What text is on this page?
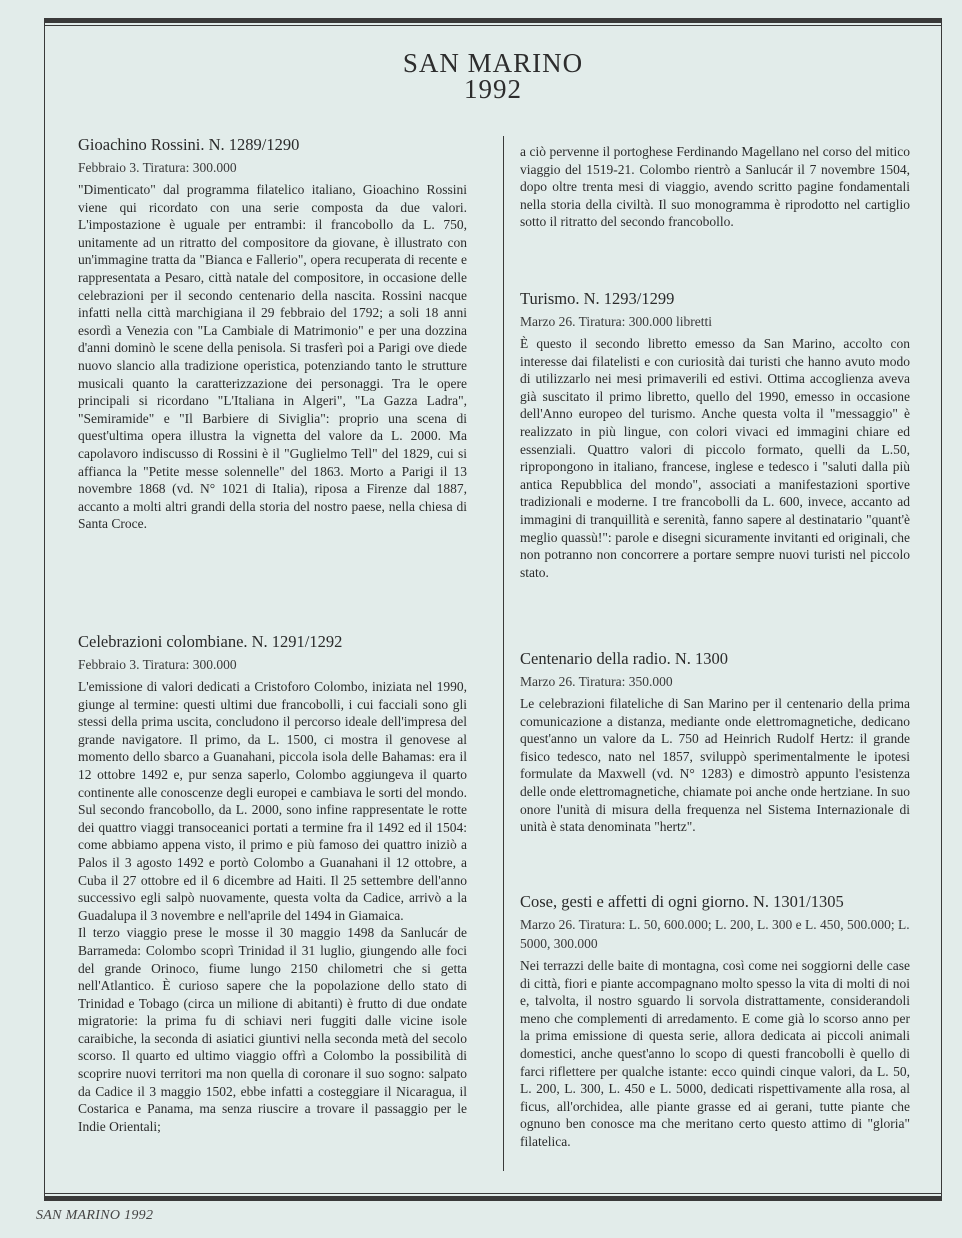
SAN MARINO
1992
Gioachino Rossini. N. 1289/1290
Febbraio 3. Tiratura: 300.000

"Dimenticato" dal programma filatelico italiano, Gioachino Rossini viene qui ricordato con una serie composta da due valori. L'impostazione è uguale per entrambi: il francobollo da L. 750, unitamente ad un ritratto del compositore da giovane, è illustrato con un'immagine tratta da "Bianca e Fallerio", opera recuperata di recente e rappresentata a Pesaro, città natale del compositore, in occasione delle celebrazioni per il secondo centenario della nascita. Rossini nacque infatti nella città marchigiana il 29 febbraio del 1792; a soli 18 anni esordì a Venezia con "La Cambiale di Matrimonio" e per una dozzina d'anni dominò le scene della penisola. Si trasferì poi a Parigi ove diede nuovo slancio alla tradizione operistica, potenziando tanto le strutture musicali quanto la caratterizzazione dei personaggi. Tra le opere principali si ricordano "L'Italiana in Algeri", "La Gazza Ladra", "Semiramide" e "Il Barbiere di Siviglia": proprio una scena di quest'ultima opera illustra la vignetta del valore da L. 2000. Ma capolavoro indiscusso di Rossini è il "Guglielmo Tell" del 1829, cui si affianca la "Petite messe solennelle" del 1863. Morto a Parigi il 13 novembre 1868 (vd. N° 1021 di Italia), riposa a Firenze dal 1887, accanto a molti altri grandi della storia del nostro paese, nella chiesa di Santa Croce.

Celebrazioni colombiane. N. 1291/1292
Febbraio 3. Tiratura: 300.000

L'emissione di valori dedicati a Cristoforo Colombo, iniziata nel 1990, giunge al termine: questi ultimi due francobolli, i cui facciali sono gli stessi della prima uscita, concludono il percorso ideale dell'impresa del grande navigatore. Il primo, da L. 1500, ci mostra il genovese al momento dello sbarco a Guanahani, piccola isola delle Bahamas: era il 12 ottobre 1492 e, pur senza saperlo, Colombo aggiungeva il quarto continente alle conoscenze degli europei e cambiava le sorti del mondo. Sul secondo francobollo, da L. 2000, sono infine rappresentate le rotte dei quattro viaggi transoceanici portati a termine fra il 1492 ed il 1504: come abbiamo appena visto, il primo e più famoso dei quattro iniziò a Palos il 3 agosto 1492 e portò Colombo a Guanahani il 12 ottobre, a Cuba il 27 ottobre ed il 6 dicembre ad Haiti. Il 25 settembre dell'anno successivo egli salpò nuovamente, questa volta da Cadice, arrivò a la Guadalupa il 3 novembre e nell'aprile del 1494 in Giamaica.

Il terzo viaggio prese le mosse il 30 maggio 1498 da Sanlucár de Barrameda: Colombo scoprì Trinidad il 31 luglio, giungendo alle foci del grande Orinoco, fiume lungo 2150 chilometri che si getta nell'Atlantico. È curioso sapere che la popolazione dello stato di Trinidad e Tobago (circa un milione di abitanti) è frutto di due ondate migratorie: la prima fu di schiavi neri fuggiti dalle vicine isole caraibiche, la seconda di asiatici giuntivi nella seconda metà del secolo scorso. Il quarto ed ultimo viaggio offrì a Colombo la possibilità di scoprire nuovi territori ma non quella di coronare il suo sogno: salpato da Cadice il 3 maggio 1502, ebbe infatti a costeggiare il Nicaragua, il Costarica e Panama, ma senza riuscire a trovare il passaggio per le Indie Orientali;

a ciò pervenne il portoghese Ferdinando Magellano nel corso del mitico viaggio del 1519-21. Colombo rientrò a Sanlucár il 7 novembre 1504, dopo oltre trenta mesi di viaggio, avendo scritto pagine fondamentali nella storia della civiltà. Il suo monogramma è riprodotto nel cartiglio sotto il ritratto del secondo francobollo.

Turismo. N. 1293/1299
Marzo 26. Tiratura: 300.000 libretti

È questo il secondo libretto emesso da San Marino, accolto con interesse dai filatelisti e con curiosità dai turisti che hanno avuto modo di utilizzarlo nei mesi primaverili ed estivi. Ottima accoglienza aveva già suscitato il primo libretto, quello del 1990, emesso in occasione dell'Anno europeo del turismo. Anche questa volta il "messaggio" è realizzato in più lingue, con colori vivaci ed immagini chiare ed essenziali. Quattro valori di piccolo formato, quelli da L.50, ripropongono in italiano, francese, inglese e tedesco i "saluti dalla più antica Repubblica del mondo", associati a manifestazioni sportive tradizionali e moderne. I tre francobolli da L. 600, invece, accanto ad immagini di tranquillità e serenità, fanno sapere al destinatario "quant'è meglio quassù!": parole e disegni sicuramente invitanti ed originali, che non potranno non concorrere a portare sempre nuovi turisti nel piccolo stato.

Centenario della radio. N. 1300
Marzo 26. Tiratura: 350.000

Le celebrazioni filateliche di San Marino per il centenario della prima comunicazione a distanza, mediante onde elettromagnetiche, dedicano quest'anno un valore da L. 750 ad Heinrich Rudolf Hertz: il grande fisico tedesco, nato nel 1857, sviluppò sperimentalmente le ipotesi formulate da Maxwell (vd. N° 1283) e dimostrò appunto l'esistenza delle onde elettromagnetiche, chiamate poi anche onde hertziane. In suo onore l'unità di misura della frequenza nel Sistema Internazionale di unità è stata denominata "hertz".

Cose, gesti e affetti di ogni giorno. N. 1301/1305
Marzo 26. Tiratura: L. 50, 600.000; L. 200, L. 300 e L. 450, 500.000; L. 5000, 300.000

Nei terrazzi delle baite di montagna, così come nei soggiorni delle case di città, fiori e piante accompagnano molto spesso la vita di molti di noi e, talvolta, il nostro sguardo li sorvola distrattamente, considerandoli meno che complementi di arredamento. E come già lo scorso anno per la prima emissione di questa serie, allora dedicata ai piccoli animali domestici, anche quest'anno lo scopo di questi francobolli è quello di farci riflettere per qualche istante: ecco quindi cinque valori, da L. 50, L. 200, L. 300, L. 450 e L. 5000, dedicati rispettivamente alla rosa, al ficus, all'orchidea, alle piante grasse ed ai gerani, tutte piante che ognuno ben conosce ma che meritano certo questo attimo di "gloria" filatelica.

SAN MARINO 1992
